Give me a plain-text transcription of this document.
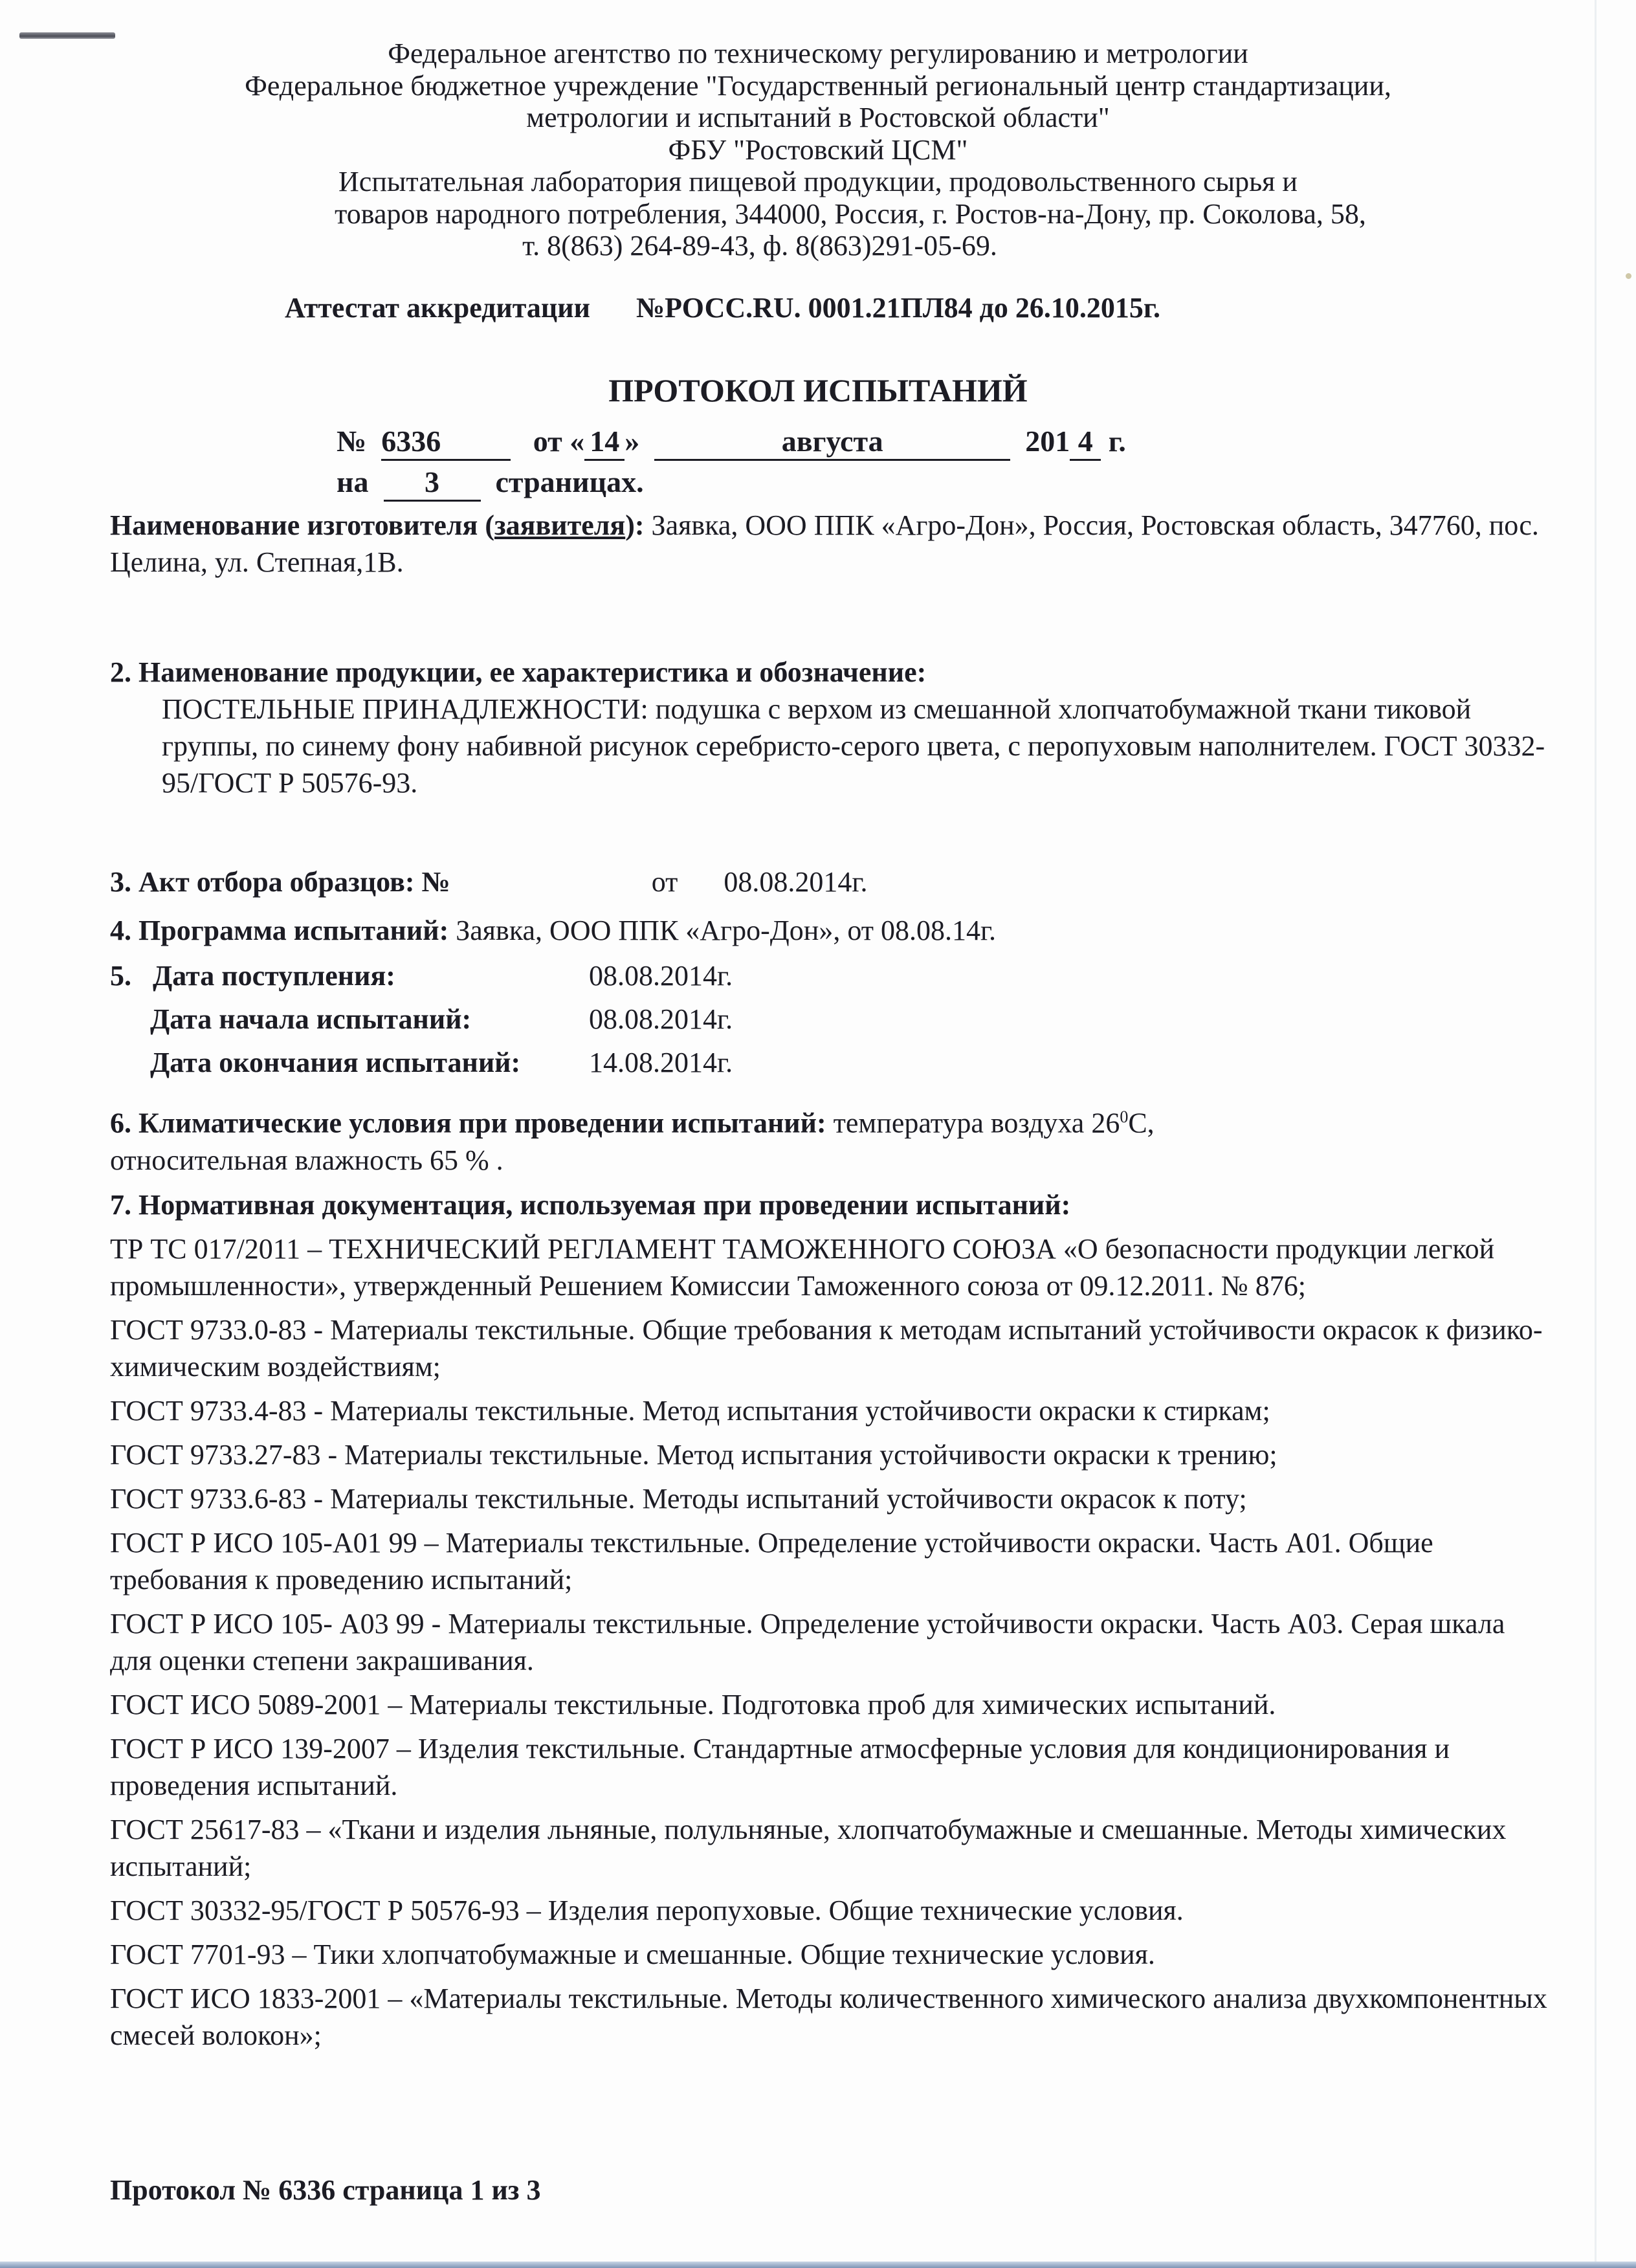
Федеральное агентство по техническому регулированию и метрологии
Федеральное бюджетное учреждение "Государственный региональный центр стандартизации,
метрологии и испытаний в Ростовской области"
ФБУ "Ростовский ЦСМ"
Испытательная лаборатория пищевой продукции, продовольственного сырья и
товаров народного потребления, 344000, Россия, г. Ростов-на-Дону, пр. Соколова, 58,
т. 8(863) 264-89-43, ф. 8(863)291-05-69.
Аттестат аккредитации №РОСС.RU. 0001.21ПЛ84 до 26.10.2015г.
ПРОТОКОЛ ИСПЫТАНИЙ
№ 6336	от « 14 »	августа	201 4 г.
на 3 страницах.
Наименование изготовителя (заявителя): Заявка, ООО ППК «Агро-Дон», Россия, Ростовская область, 347760, пос. Целина, ул. Степная,1В.
2. Наименование продукции, ее характеристика и обозначение:
ПОСТЕЛЬНЫЕ ПРИНАДЛЕЖНОСТИ: подушка с верхом из смешанной хлопчатобумажной ткани тиковой группы, по синему фону набивной рисунок серебристо-серого цвета, с перопуховым наполнителем. ГОСТ 30332-95/ГОСТ Р 50576-93.
3. Акт отбора образцов: №	от 08.08.2014г.
4. Программа испытаний: Заявка, ООО ППК «Агро-Дон», от 08.08.14г.
5.   Дата поступления:	08.08.2014г.
Дата начала испытаний:	08.08.2014г.
Дата окончания испытаний:	14.08.2014г.
6. Климатические условия при проведении испытаний: температура воздуха $26^0С$,
относительная влажность 65 % .
7. Нормативная документация, используемая при проведении испытаний:
ТР ТС 017/2011 – ТЕХНИЧЕСКИЙ РЕГЛАМЕНТ ТАМОЖЕННОГО СОЮЗА «О безопасности продукции легкой промышленности», утвержденный Решением Комиссии Таможенного союза от 09.12.2011. № 876;
ГОСТ 9733.0-83 - Материалы текстильные. Общие требования к методам испытаний устойчивости окрасок к физико-химическим воздействиям;
ГОСТ 9733.4-83 - Материалы текстильные. Метод испытания устойчивости окраски к стиркам;
ГОСТ 9733.27-83 - Материалы текстильные. Метод испытания устойчивости окраски к трению;
ГОСТ 9733.6-83 - Материалы текстильные. Методы испытаний устойчивости окрасок к поту;
ГОСТ Р ИСО 105-А01 99 – Материалы текстильные. Определение устойчивости окраски. Часть А01. Общие требования к проведению испытаний;
ГОСТ Р ИСО 105- А03 99 - Материалы текстильные. Определение устойчивости окраски. Часть А03. Серая шкала для оценки степени закрашивания.
ГОСТ ИСО 5089-2001 – Материалы текстильные. Подготовка проб для химических испытаний.
ГОСТ Р ИСО 139-2007 – Изделия текстильные. Стандартные атмосферные условия для кондиционирования и проведения испытаний.
ГОСТ 25617-83 – «Ткани и изделия льняные, полульняные, хлопчатобумажные и смешанные. Методы химических испытаний;
ГОСТ 30332-95/ГОСТ Р 50576-93 – Изделия перопуховые. Общие технические условия.
ГОСТ 7701-93 – Тики хлопчатобумажные и смешанные. Общие технические условия.
ГОСТ ИСО 1833-2001 – «Материалы текстильные. Методы количественного химического анализа двухкомпонентных смесей волокон»;
Протокол № 6336 страница 1 из 3
